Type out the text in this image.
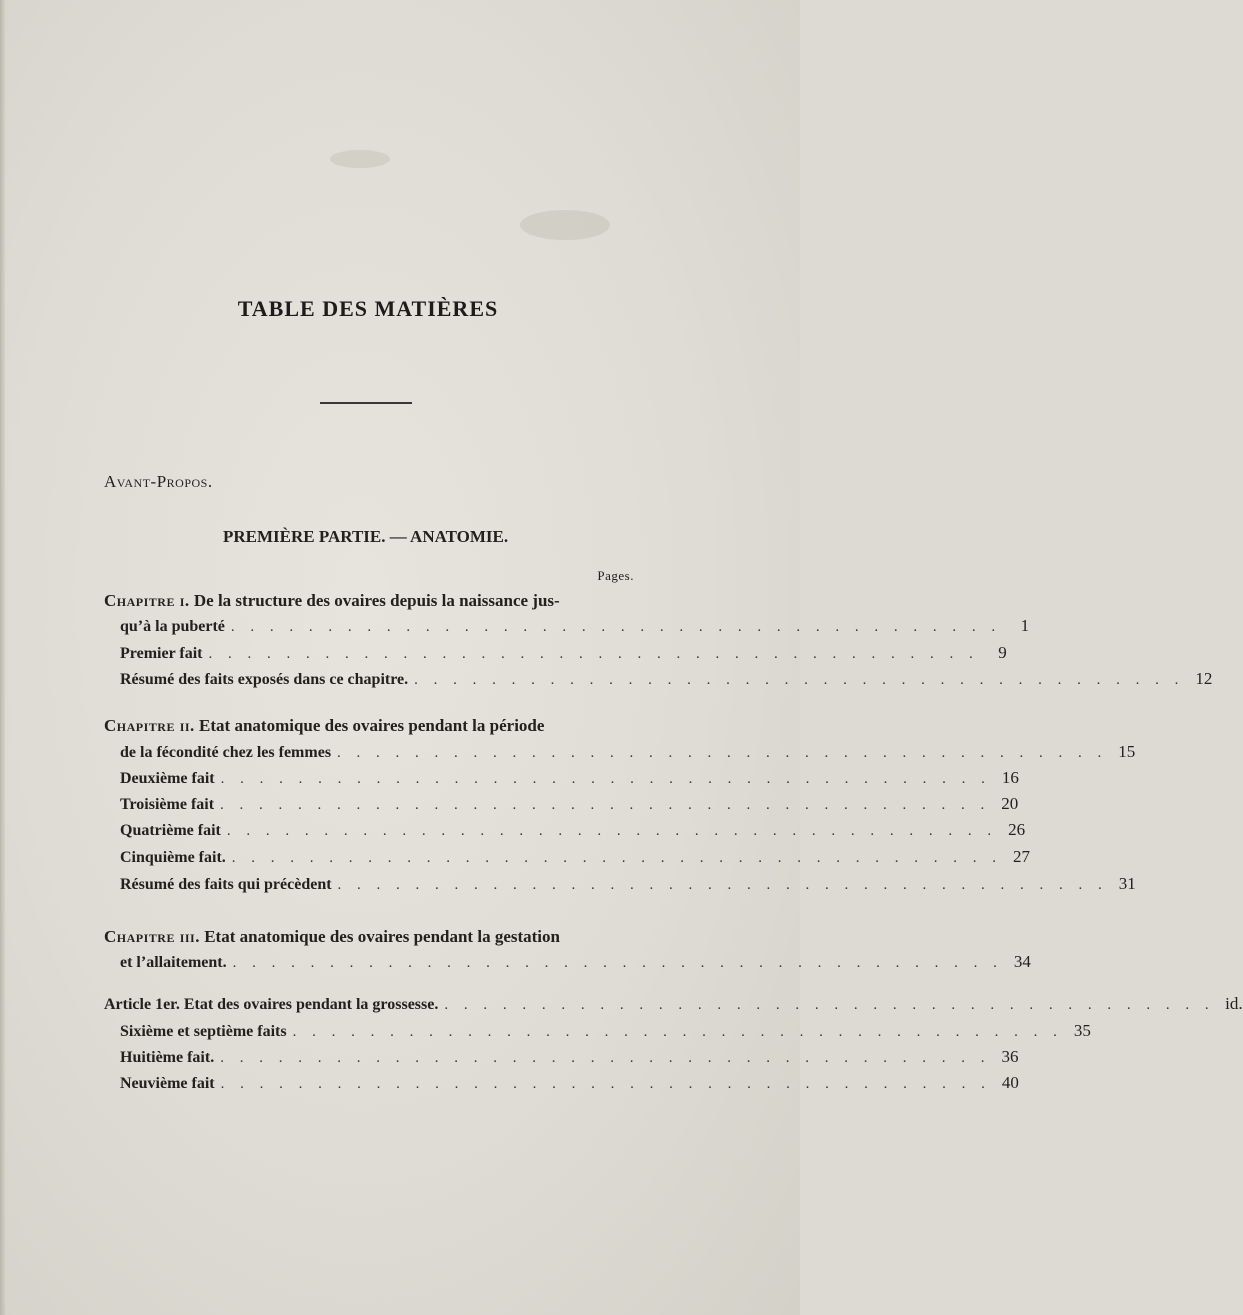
TABLE DES MATIÈRES
Avant-Propos.
PREMIÈRE PARTIE. — ANATOMIE.
Pages.
Chapitre i. De la structure des ovaires depuis la naissance jus-
qu’à la puberté . . . . . . . . . . . . . . . . . . . . . . . . . . . . . . . . . . . . . . . .	1
Premier fait . . . . . . . . . . . . . . . . . . . . . . . . . . . . . . . . . . . . . . . .	9
Résumé des faits exposés dans ce chapitre. . . . . . . . . . . . . . . . . . . . . . . . . . . . . . . . . . . . . . . . . 12
Chapitre ii. Etat anatomique des ovaires pendant la période
de la fécondité chez les femmes . . . . . . . . . . . . . . . . . . . . . . . . . . . . . . . . . . . . . . . . 15
Deuxième fait . . . . . . . . . . . . . . . . . . . . . . . . . . . . . . . . . . . . . . . . 16
Troisième fait . . . . . . . . . . . . . . . . . . . . . . . . . . . . . . . . . . . . . . . . 20
Quatrième fait . . . . . . . . . . . . . . . . . . . . . . . . . . . . . . . . . . . . . . . . 26
Cinquième fait. . . . . . . . . . . . . . . . . . . . . . . . . . . . . . . . . . . . . . . . . 27
Résumé des faits qui précèdent . . . . . . . . . . . . . . . . . . . . . . . . . . . . . . . . . . . . . . . . 31
Chapitre iii. Etat anatomique des ovaires pendant la gestation
et l’allaitement. . . . . . . . . . . . . . . . . . . . . . . . . . . . . . . . . . . . . . . . . 34
Article 1er. Etat des ovaires pendant la grossesse. . . . . . . . . . . . . . . . . . . . . . . . . . . . . . . . . . . . . . . . . id.
Sixième et septième faits . . . . . . . . . . . . . . . . . . . . . . . . . . . . . . . . . . . . . . . . 35
Huitième fait. . . . . . . . . . . . . . . . . . . . . . . . . . . . . . . . . . . . . . . . . 36
Neuvième fait . . . . . . . . . . . . . . . . . . . . . . . . . . . . . . . . . . . . . . . . 40
